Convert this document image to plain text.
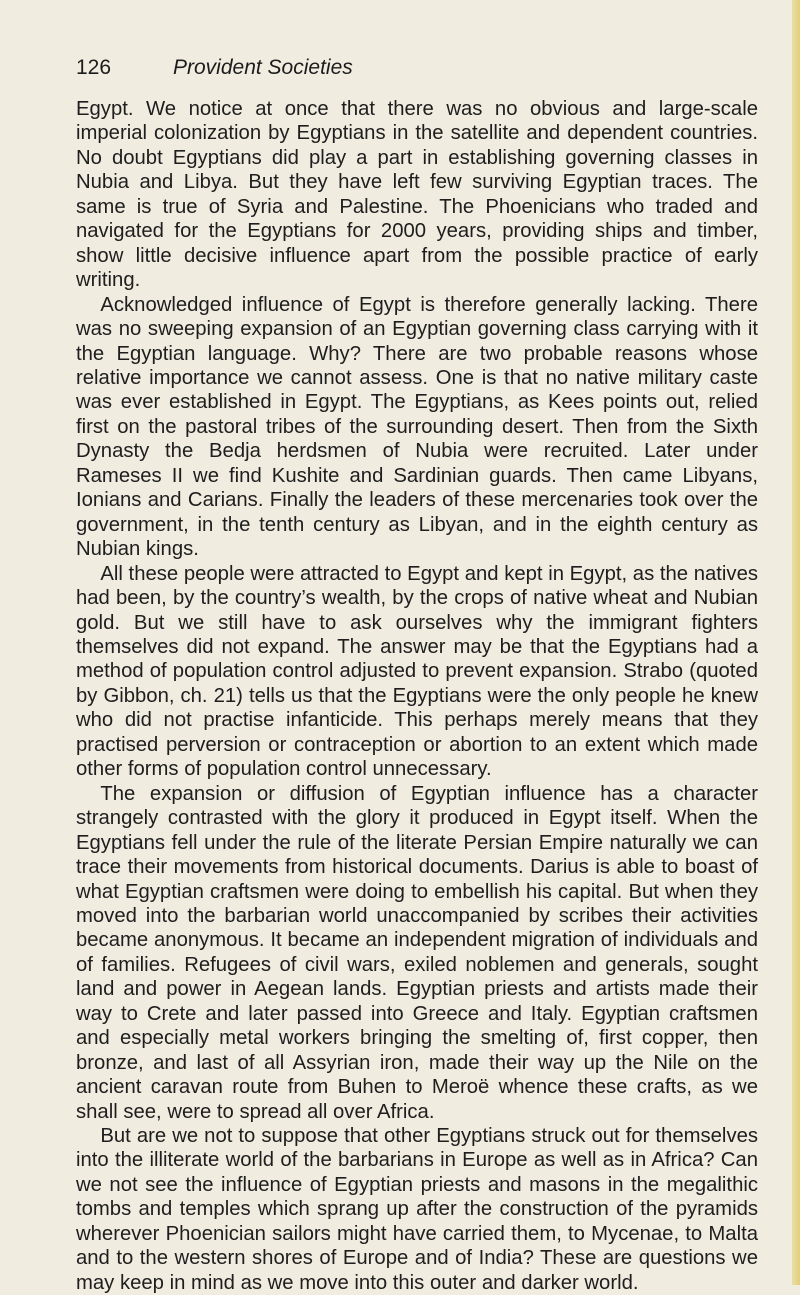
126	Provident Societies

Egypt. We notice at once that there was no obvious and large-scale imperial colonization by Egyptians in the satellite and dependent countries. No doubt Egyptians did play a part in establishing governing classes in Nubia and Libya. But they have left few surviving Egyptian traces. The same is true of Syria and Palestine. The Phoenicians who traded and navigated for the Egyptians for 2000 years, providing ships and timber, show little decisive influence apart from the possible practice of early writing.

Acknowledged influence of Egypt is therefore generally lacking. There was no sweeping expansion of an Egyptian governing class carrying with it the Egyptian language. Why? There are two probable reasons whose relative importance we cannot assess. One is that no native military caste was ever established in Egypt. The Egyptians, as Kees points out, relied first on the pastoral tribes of the surrounding desert. Then from the Sixth Dynasty the Bedja herdsmen of Nubia were recruited. Later under Rameses II we find Kushite and Sardinian guards. Then came Libyans, Ionians and Carians. Finally the leaders of these mercenaries took over the government, in the tenth century as Libyan, and in the eighth century as Nubian kings.

All these people were attracted to Egypt and kept in Egypt, as the natives had been, by the country’s wealth, by the crops of native wheat and Nubian gold. But we still have to ask ourselves why the immigrant fighters themselves did not expand. The answer may be that the Egyptians had a method of population control adjusted to prevent expansion. Strabo (quoted by Gibbon, ch. 21) tells us that the Egyptians were the only people he knew who did not practise infanticide. This perhaps merely means that they practised perversion or contraception or abortion to an extent which made other forms of population control unnecessary.

The expansion or diffusion of Egyptian influence has a character strangely contrasted with the glory it produced in Egypt itself. When the Egyptians fell under the rule of the literate Persian Empire naturally we can trace their movements from historical documents. Darius is able to boast of what Egyptian craftsmen were doing to embellish his capital. But when they moved into the barbarian world unaccompanied by scribes their activities became anonymous. It became an independent migration of individuals and of families. Refugees of civil wars, exiled noblemen and generals, sought land and power in Aegean lands. Egyptian priests and artists made their way to Crete and later passed into Greece and Italy. Egyptian craftsmen and especially metal workers bringing the smelting of, first copper, then bronze, and last of all Assyrian iron, made their way up the Nile on the ancient caravan route from Buhen to Meroë whence these crafts, as we shall see, were to spread all over Africa.

But are we not to suppose that other Egyptians struck out for themselves into the illiterate world of the barbarians in Europe as well as in Africa? Can we not see the influence of Egyptian priests and masons in the megalithic tombs and temples which sprang up after the construction of the pyramids wherever Phoenician sailors might have carried them, to Mycenae, to Malta and to the western shores of Europe and of India? These are questions we may keep in mind as we move into this outer and darker world.
